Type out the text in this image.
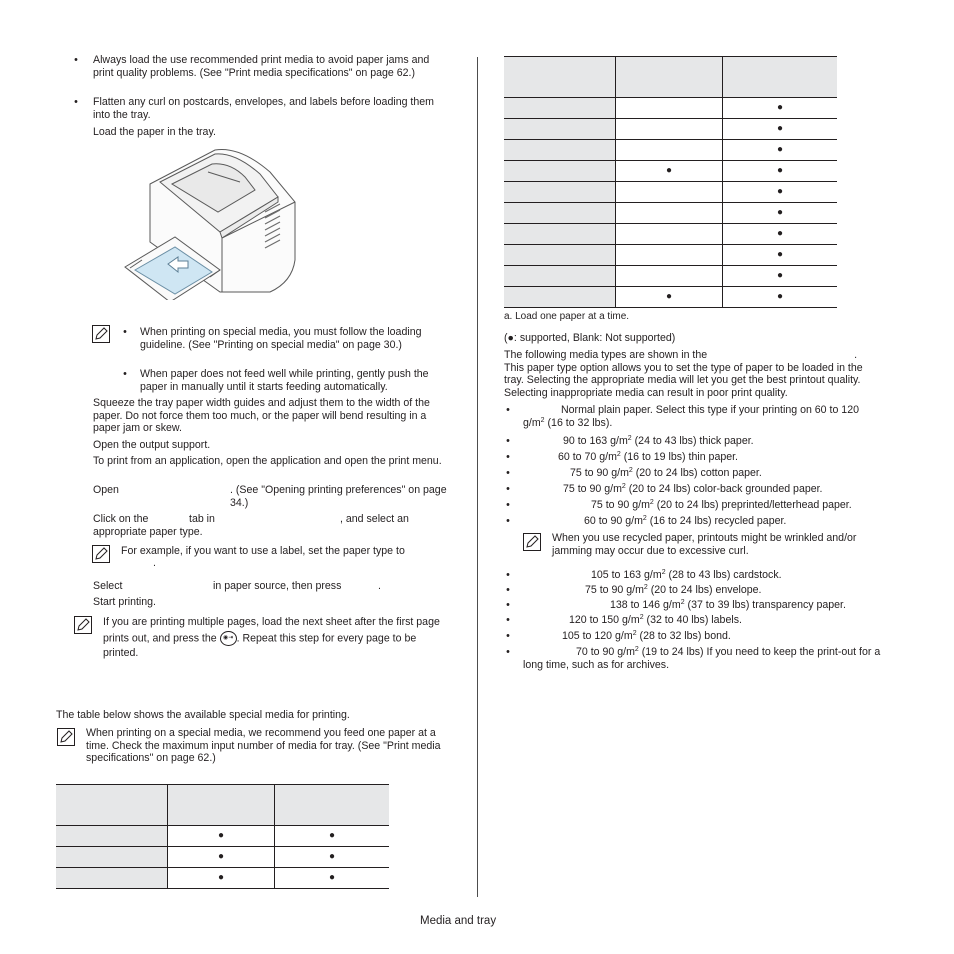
• Always load the use recommended print media to avoid paper jams and print quality problems. (See "Print media specifications" on page 62.)
• Flatten any curl on postcards, envelopes, and labels before loading them into the tray.
Load the paper in the tray.
• When printing on special media, you must follow the loading guideline. (See "Printing on special media" on page 30.)
• When paper does not feed well while printing, gently push the paper in manually until it starts feeding automatically.
Squeeze the tray paper width guides and adjust them to the width of the paper. Do not force them too much, or the paper will bend resulting in a paper jam or skew.
Open the output support.
To print from an application, open the application and open the print menu.
Open	. (See "Opening printing preferences" on page 34.)
Click on the	tab in	, and select an appropriate paper type.
For example, if you want to use a label, set the paper type to
.
Select	in paper source, then press	.
Start printing.
If you are printing multiple pages, load the next sheet after the first page prints out, and press the ◉⇥ . Repeat this step for every page to be printed.
The table below shows the available special media for printing.
When printing on a special media, we recommend you feed one paper at a time. Check the maximum input number of media for tray. (See "Print media specifications" on page 62.)

	●	●
	●	●
	●	●

		●
		●
		●
	●	●
		●
		●
		●
		●
		●
	●	●
a. Load one paper at a time.
(●: supported, Blank: Not supported)
The following media types are shown in the	. This paper type option allows you to set the type of paper to be loaded in the tray. Selecting the appropriate media will let you get the best printout quality. Selecting inappropriate media can result in poor print quality.
•	Normal plain paper. Select this type if your printing on 60 to 120 $g/m^2$ (16 to 32 lbs).
•	90 to 163 $g/m^2$ (24 to 43 lbs) thick paper.
•	60 to 70 $g/m^2$ (16 to 19 lbs) thin paper.
•	75 to 90 $g/m^2$ (20 to 24 lbs) cotton paper.
•	75 to 90 $g/m^2$ (20 to 24 lbs) color-back grounded paper.
•	75 to 90 $g/m^2$ (20 to 24 lbs) preprinted/letterhead paper.
•	60 to 90 $g/m^2$ (16 to 24 lbs) recycled paper.
When you use recycled paper, printouts might be wrinkled and/or jamming may occur due to excessive curl.
•	105 to 163 $g/m^2$ (28 to 43 lbs) cardstock.
•	75 to 90 $g/m^2$ (20 to 24 lbs) envelope.
•	138 to 146 $g/m^2$ (37 to 39 lbs) transparency paper.
•	120 to 150 $g/m^2$ (32 to 40 lbs) labels.
•	105 to 120 $g/m^2$ (28 to 32 lbs) bond.
•	70 to 90 $g/m^2$ (19 to 24 lbs) If you need to keep the print-out for a long time, such as for archives.
Media and tray
